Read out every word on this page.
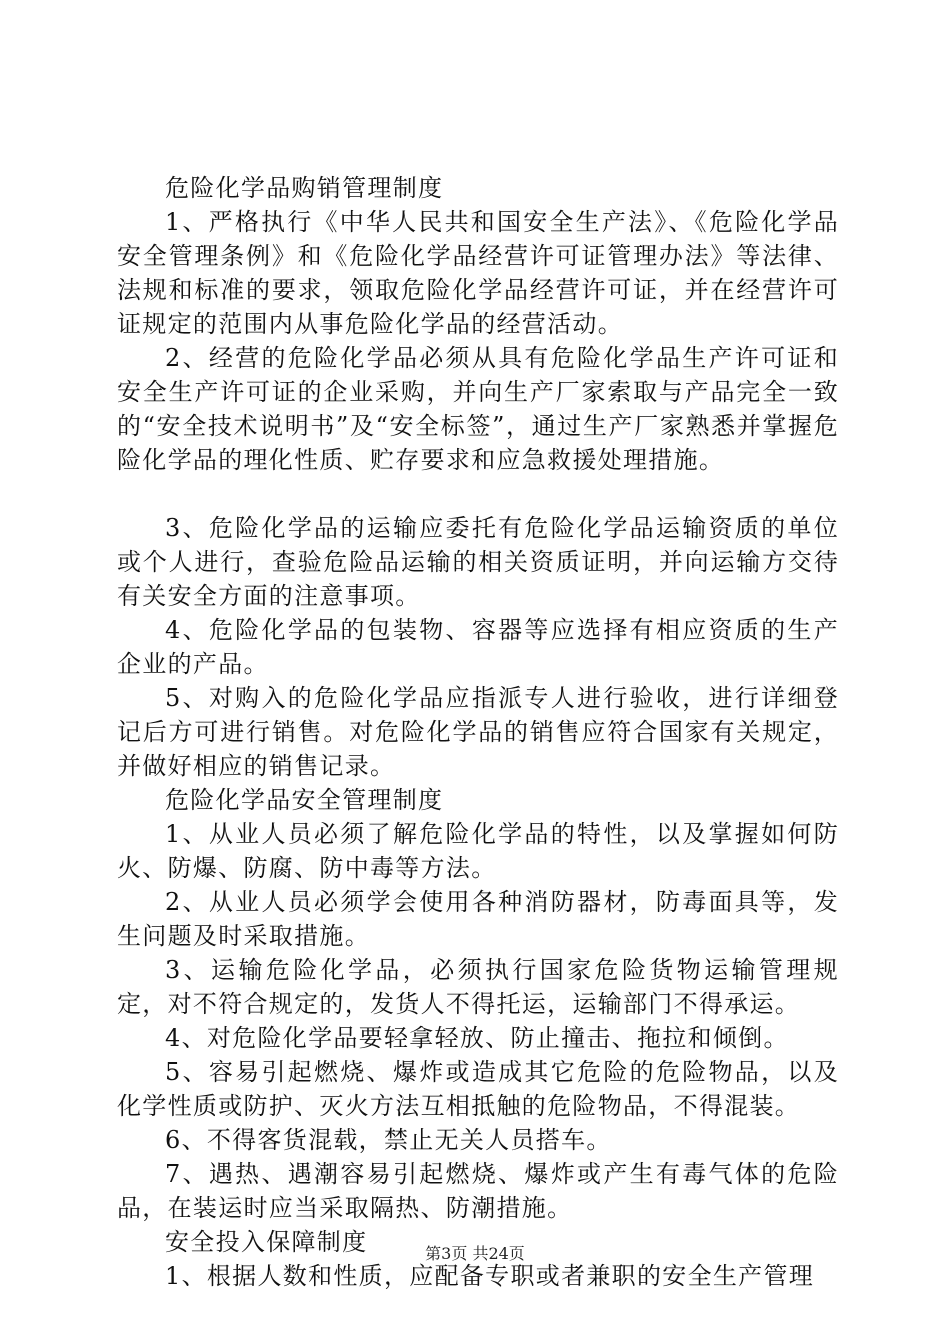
危险化学品购销管理制度

1、严格执行《中华人民共和国安全生产法》、《危险化学品安全管理条例》和《危险化学品经营许可证管理办法》等法律、法规和标准的要求，领取危险化学品经营许可证，并在经营许可证规定的范围内从事危险化学品的经营活动。

2、经营的危险化学品必须从具有危险化学品生产许可证和安全生产许可证的企业采购，并向生产厂家索取与产品完全一致的“安全技术说明书”及“安全标签”，通过生产厂家熟悉并掌握危险化学品的理化性质、贮存要求和应急救援处理措施。

3、危险化学品的运输应委托有危险化学品运输资质的单位或个人进行，查验危险品运输的相关资质证明，并向运输方交待有关安全方面的注意事项。

4、危险化学品的包装物、容器等应选择有相应资质的生产企业的产品。

5、对购入的危险化学品应指派专人进行验收，进行详细登记后方可进行销售。对危险化学品的销售应符合国家有关规定，并做好相应的销售记录。

危险化学品安全管理制度

1、从业人员必须了解危险化学品的特性，以及掌握如何防火、防爆、防腐、防中毒等方法。

2、从业人员必须学会使用各种消防器材，防毒面具等，发生问题及时采取措施。

3、运输危险化学品，必须执行国家危险货物运输管理规定，对不符合规定的，发货人不得托运，运输部门不得承运。

4、对危险化学品要轻拿轻放、防止撞击、拖拉和倾倒。

5、容易引起燃烧、爆炸或造成其它危险的危险物品，以及化学性质或防护、灭火方法互相抵触的危险物品，不得混装。

6、不得客货混载，禁止无关人员搭车。

7、遇热、遇潮容易引起燃烧、爆炸或产生有毒气体的危险品，在装运时应当采取隔热、防潮措施。

安全投入保障制度

1、根据人数和性质，应配备专职或者兼职的安全生产管理

第3页 共24页
